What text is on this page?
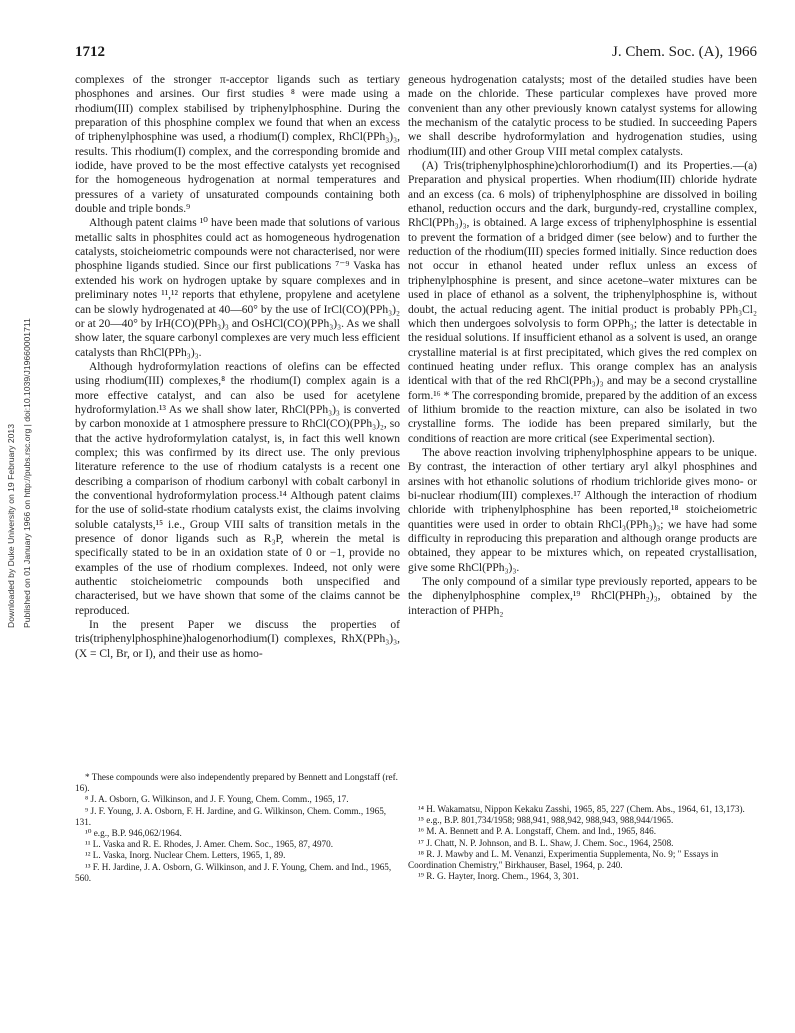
1712	J. Chem. Soc. (A), 1966
Downloaded by Duke University on 19 February 2013 Published on 01 January 1966 on http://pubs.rsc.org | doi:10.1039/J19660001711

complexes of the stronger π-acceptor ligands such as tertiary phosphones and arsines. Our first studies ⁸ were made using a rhodium(III) complex stabilised by triphenylphosphine. During the preparation of this phosphine complex we found that when an excess of triphenylphosphine was used, a rhodium(I) complex, RhCl(PPh₃)₃, results. This rhodium(I) complex, and the corresponding bromide and iodide, have proved to be the most effective catalysts yet recognised for the homogeneous hydrogenation at normal temperatures and pressures of a variety of unsaturated compounds containing both double and triple bonds.⁹

Although patent claims ¹⁰ have been made that solutions of various metallic salts in phosphites could act as homogeneous hydrogenation catalysts, stoicheiometric compounds were not characterised, nor were phosphine ligands studied. Since our first publications ⁷⁻⁹ Vaska has extended his work on hydrogen uptake by square complexes and in preliminary notes ¹¹,¹² reports that ethylene, propylene and acetylene can be slowly hydrogenated at 40—60° by the use of IrCl(CO)(PPh₃)₂ or at 20—40° by IrH(CO)(PPh₃)₃ and OsHCl(CO)(PPh₃)₃. As we shall show later, the square carbonyl complexes are very much less efficient catalysts than RhCl(PPh₃)₃.

Although hydroformylation reactions of olefins can be effected using rhodium(III) complexes,⁸ the rhodium(I) complex again is a more effective catalyst, and can also be used for acetylene hydroformylation.¹³ As we shall show later, RhCl(PPh₃)₃ is converted by carbon monoxide at 1 atmosphere pressure to RhCl(CO)(PPh₃)₂, so that the active hydroformylation catalyst, is, in fact this well known complex; this was confirmed by its direct use. The only previous literature reference to the use of rhodium catalysts is a recent one describing a comparison of rhodium carbonyl with cobalt carbonyl in the conventional hydroformylation process.¹⁴ Although patent claims for the use of solid-state rhodium catalysts exist, the claims involving soluble catalysts,¹⁵ i.e., Group VIII salts of transition metals in the presence of donor ligands such as R₃P, wherein the metal is specifically stated to be in an oxidation state of 0 or −1, provide no examples of the use of rhodium complexes. Indeed, not only were authentic stoicheiometric compounds both unspecified and characterised, but we have shown that some of the claims cannot be reproduced.

In the present Paper we discuss the properties of tris(triphenylphosphine)halogenorhodium(I) complexes, RhX(PPh₃)₃, (X = Cl, Br, or I), and their use as homo-

* These compounds were also independently prepared by Bennett and Longstaff (ref. 16).

⁸ J. A. Osborn, G. Wilkinson, and J. F. Young, Chem. Comm., 1965, 17.

⁹ J. F. Young, J. A. Osborn, F. H. Jardine, and G. Wilkinson, Chem. Comm., 1965, 131.

¹⁰ e.g., B.P. 946,062/1964.

¹¹ L. Vaska and R. E. Rhodes, J. Amer. Chem. Soc., 1965, 87, 4970.

¹² L. Vaska, Inorg. Nuclear Chem. Letters, 1965, 1, 89.

¹³ F. H. Jardine, J. A. Osborn, G. Wilkinson, and J. F. Young, Chem. and Ind., 1965, 560.

geneous hydrogenation catalysts; most of the detailed studies have been made on the chloride. These particular complexes have proved more convenient than any other previously known catalyst systems for allowing the mechanism of the catalytic process to be studied. In succeeding Papers we shall describe hydroformylation and hydrogenation studies, using rhodium(III) and other Group VIII metal complex catalysts.

(A) Tris(triphenylphosphine)chlororhodium(I) and its Properties.—(a) Preparation and physical properties. When rhodium(III) chloride hydrate and an excess (ca. 6 mols) of triphenylphosphine are dissolved in boiling ethanol, reduction occurs and the dark, burgundy-red, crystalline complex, RhCl(PPh₃)₃, is obtained. A large excess of triphenylphosphine is essential to prevent the formation of a bridged dimer (see below) and to further the reduction of the rhodium(III) species formed initially. Since reduction does not occur in ethanol heated under reflux unless an excess of triphenylphosphine is present, and since acetone–water mixtures can be used in place of ethanol as a solvent, the triphenylphosphine is, without doubt, the actual reducing agent. The initial product is probably PPh₃Cl₂ which then undergoes solvolysis to form OPPh₃; the latter is detectable in the residual solutions. If insufficient ethanol as a solvent is used, an orange crystalline material is at first precipitated, which gives the red complex on continued heating under reflux. This orange complex has an analysis identical with that of the red RhCl(PPh₃)₃ and may be a second crystalline form.¹⁶ * The corresponding bromide, prepared by the addition of an excess of lithium bromide to the reaction mixture, can also be isolated in two crystalline forms. The iodide has been prepared similarly, but the conditions of reaction are more critical (see Experimental section).

The above reaction involving triphenylphosphine appears to be unique. By contrast, the interaction of other tertiary aryl alkyl phosphines and arsines with hot ethanolic solutions of rhodium trichloride gives mono- or bi-nuclear rhodium(III) complexes.¹⁷ Although the interaction of rhodium chloride with triphenylphosphine has been reported,¹⁸ stoicheiometric quantities were used in order to obtain RhCl₃(PPh₃)₃; we have had some difficulty in reproducing this preparation and although orange products are obtained, they appear to be mixtures which, on repeated crystallisation, give some RhCl(PPh₃)₃.

The only compound of a similar type previously reported, appears to be the diphenylphosphine complex,¹⁹ RhCl(PHPh₂)₃, obtained by the interaction of PHPh₂

¹⁴ H. Wakamatsu, Nippon Kekaku Zasshi, 1965, 85, 227 (Chem. Abs., 1964, 61, 13,173).

¹⁵ e.g., B.P. 801,734/1958; 988,941, 988,942, 988,943, 988,944/1965.

¹⁶ M. A. Bennett and P. A. Longstaff, Chem. and Ind., 1965, 846.

¹⁷ J. Chatt, N. P. Johnson, and B. L. Shaw, J. Chem. Soc., 1964, 2508.

¹⁸ R. J. Mawby and L. M. Venanzi, Experimentia Supplementa, No. 9; " Essays in Coordination Chemistry," Birkhauser, Basel, 1964, p. 240.

¹⁹ R. G. Hayter, Inorg. Chem., 1964, 3, 301.
